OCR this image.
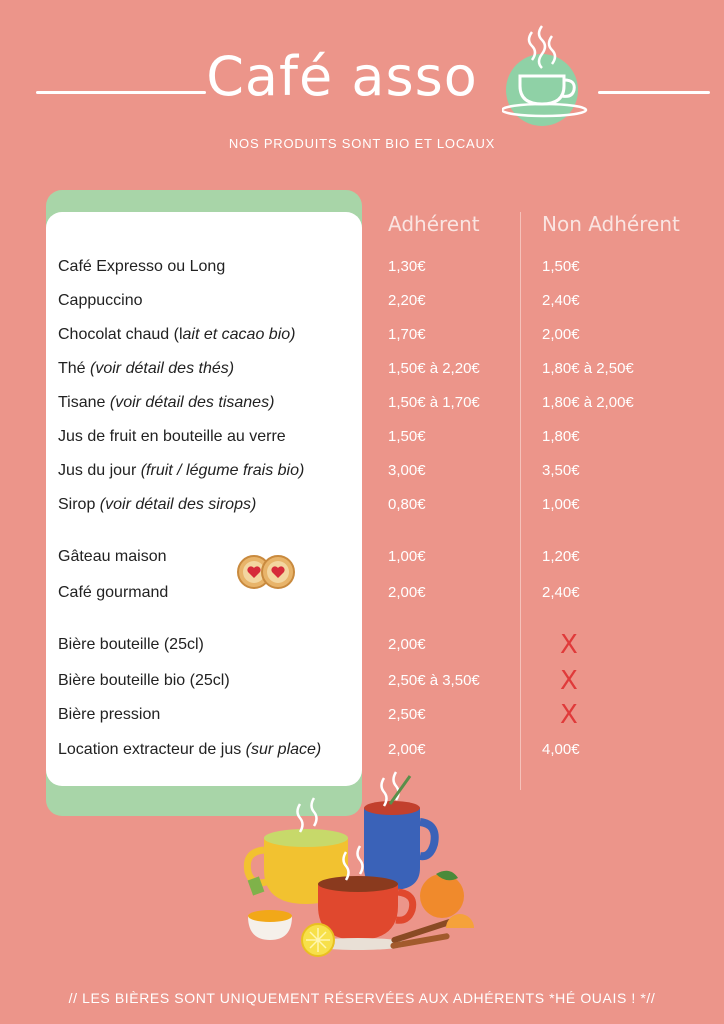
Café asso
NOS PRODUITS SONT BIO ET LOCAUX
Adhérent	Non Adhérent
Café Expresso ou Long	1,30€	1,50€
Cappuccino	2,20€	2,40€
Chocolat chaud (lait et cacao bio)	1,70€	2,00€
Thé (voir détail des thés)	1,50€ à 2,20€	1,80€ à 2,50€
Tisane (voir détail des tisanes)	1,50€ à 1,70€	1,80€ à 2,00€
Jus de fruit en bouteille au verre	1,50€	1,80€
Jus du jour (fruit / légume frais bio)	3,00€	3,50€
Sirop (voir détail des sirops)	0,80€	1,00€
Gâteau maison	1,00€	1,20€
Café gourmand	2,00€	2,40€
Bière bouteille (25cl)	2,00€	X
Bière bouteille bio (25cl)	2,50€ à 3,50€	X
Bière pression	2,50€	X
Location extracteur de jus (sur place)	2,00€	4,00€
// LES BIÈRES SONT UNIQUEMENT RÉSERVÉES AUX ADHÉRENTS *HÉ OUAIS ! *//
